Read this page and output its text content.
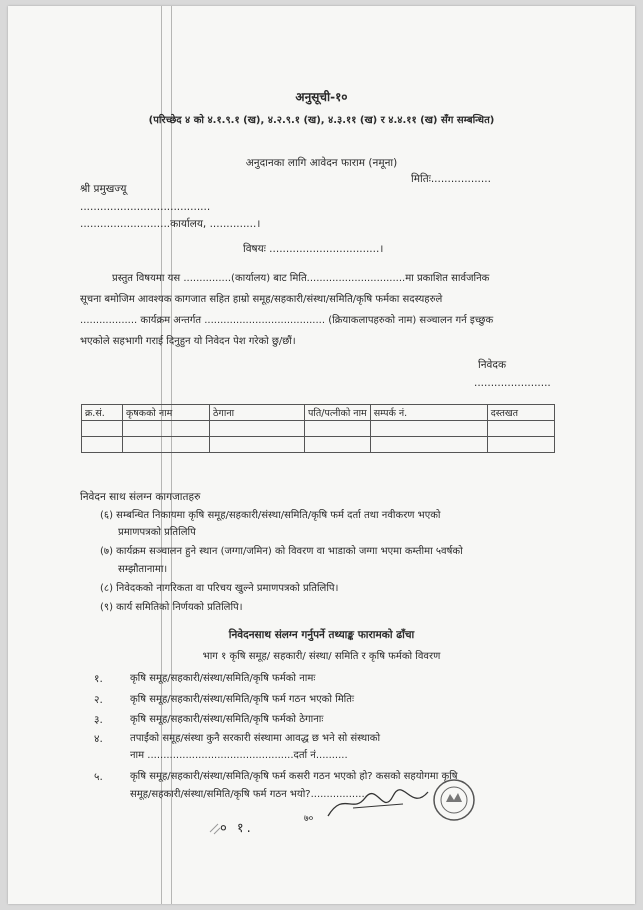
अनुसूची-१०
(परिच्छेद ४ को ४.१.९.१ (ख), ४.२.९.१ (ख), ४.३.११ (ख) र ४.४.११ (ख) सँग सम्बन्धित)
अनुदानका लागि आवेदन फाराम (नमूना)
मितिः..................
श्री प्रमुखज्यू
.......................................
...........................कार्यालय, ..............।
विषयः .................................।
प्रस्तुत विषयमा यस ...............(कार्यालय) बाट मिति...............................मा प्रकाशित सार्वजनिक
सूचना बमोजिम आवश्यक कागजात सहित हाम्रो समूह/सहकारी/संस्था/समिति/कृषि फर्मका सदस्यहरुले
.................. कार्यक्रम अन्तर्गत ...................................... (क्रियाकलापहरुको नाम) सञ्चालन गर्न इच्छुक
भएकोले सहभागी गराई दिनुहुन यो निवेदन पेश गरेको छु/छौं।
निवेदक
.......................
क्र.सं.	कृषकको नाम	ठेगाना	पति/पत्नीको नाम	सम्पर्क नं.	दस्तखत

निवेदन साथ संलग्न कागजातहरु
(६) सम्बन्धित निकायमा कृषि समूह/सहकारी/संस्था/समिति/कृषि फर्म दर्ता तथा नवीकरण भएको
प्रमाणपत्रको प्रतिलिपि
(७) कार्यक्रम सञ्चालन हुने स्थान (जग्गा/जमिन) को विवरण वा भाडाको जग्गा भएमा कम्तीमा ५वर्षको
सम्झौतानामा।
(८) निवेदकको नागरिकता वा परिचय खुल्ने प्रमाणपत्रको प्रतिलिपि।
(९) कार्य समितिको निर्णयको प्रतिलिपि।
निवेदनसाथ संलग्न गर्नुपर्ने तथ्याङ्क फारामको ढाँचा
भाग १ कृषि समूह/ सहकारी/ संस्था/ समिति र कृषि फर्मको विवरण
१.	कृषि समूह/सहकारी/संस्था/समिति/कृषि फर्मको नामः
२.	कृषि समूह/सहकारी/संस्था/समिति/कृषि फर्म गठन भएको मितिः
३.	कृषि समूह/सहकारी/संस्था/समिति/कृषि फर्मको ठेगानाः
४.	तपाईंको समूह/संस्था कुनै सरकारी संस्थामा आवद्ध छ भने सो संस्थाको
नाम ..............................................दर्ता नं..........
५.	कृषि समूह/सहकारी/संस्था/समिति/कृषि फर्म कसरी गठन भएको हो? कसको सहयोगमा कृषि
समूह/सहकारी/संस्था/समिति/कृषि फर्म गठन भयो?..................
० १.
७०
